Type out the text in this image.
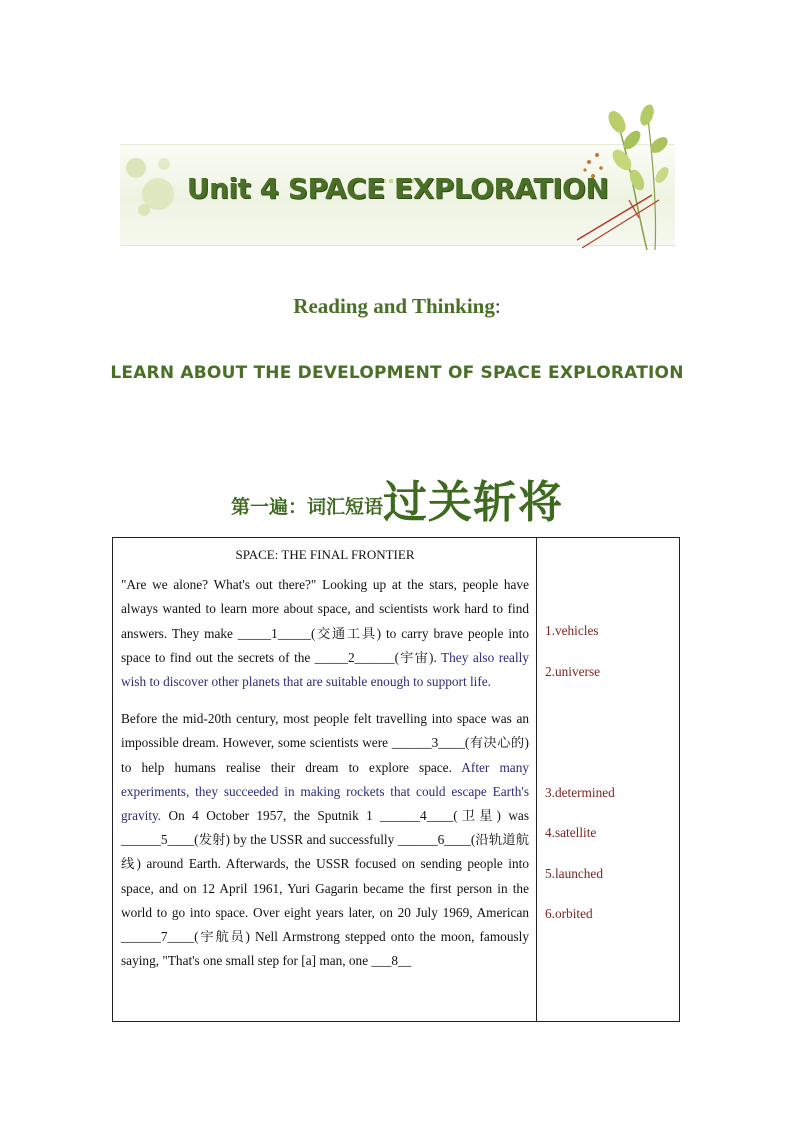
Unit 4 SPACE EXPLORATION
Reading and Thinking:
LEARN ABOUT THE DEVELOPMENT OF SPACE EXPLORATION
第一遍：词汇短语过关斩将

SPACE: THE FINAL FRONTIER

"Are we alone? What's out there?" Looking up at the stars, people have always wanted to learn more about space, and scientists work hard to find answers. They make _____1_____(交通工具) to carry brave people into space to find out the secrets of the _____2______(宇宙). They also really wish to discover other planets that are suitable enough to support life.

Before the mid-20th century, most people felt travelling into space was an impossible dream. However, some scientists were ______3____(有决心的) to help humans realise their dream to explore space. After many experiments, they succeeded in making rockets that could escape Earth's gravity. On 4 October 1957, the Sputnik 1 ______4____(卫星) was ______5____(发射) by the USSR and successfully ______6____(沿轨道航线) around Earth. Afterwards, the USSR focused on sending people into space, and on 12 April 1961, Yuri Gagarin became the first person in the world to go into space. Over eight years later, on 20 July 1969, American ______7____(宇航员) Nell Armstrong stepped onto the moon, famously saying, "That's one small step for [a] man, one ___8__

1.vehicles
2.universe
3.determined
4.satellite
5.launched
6.orbited
